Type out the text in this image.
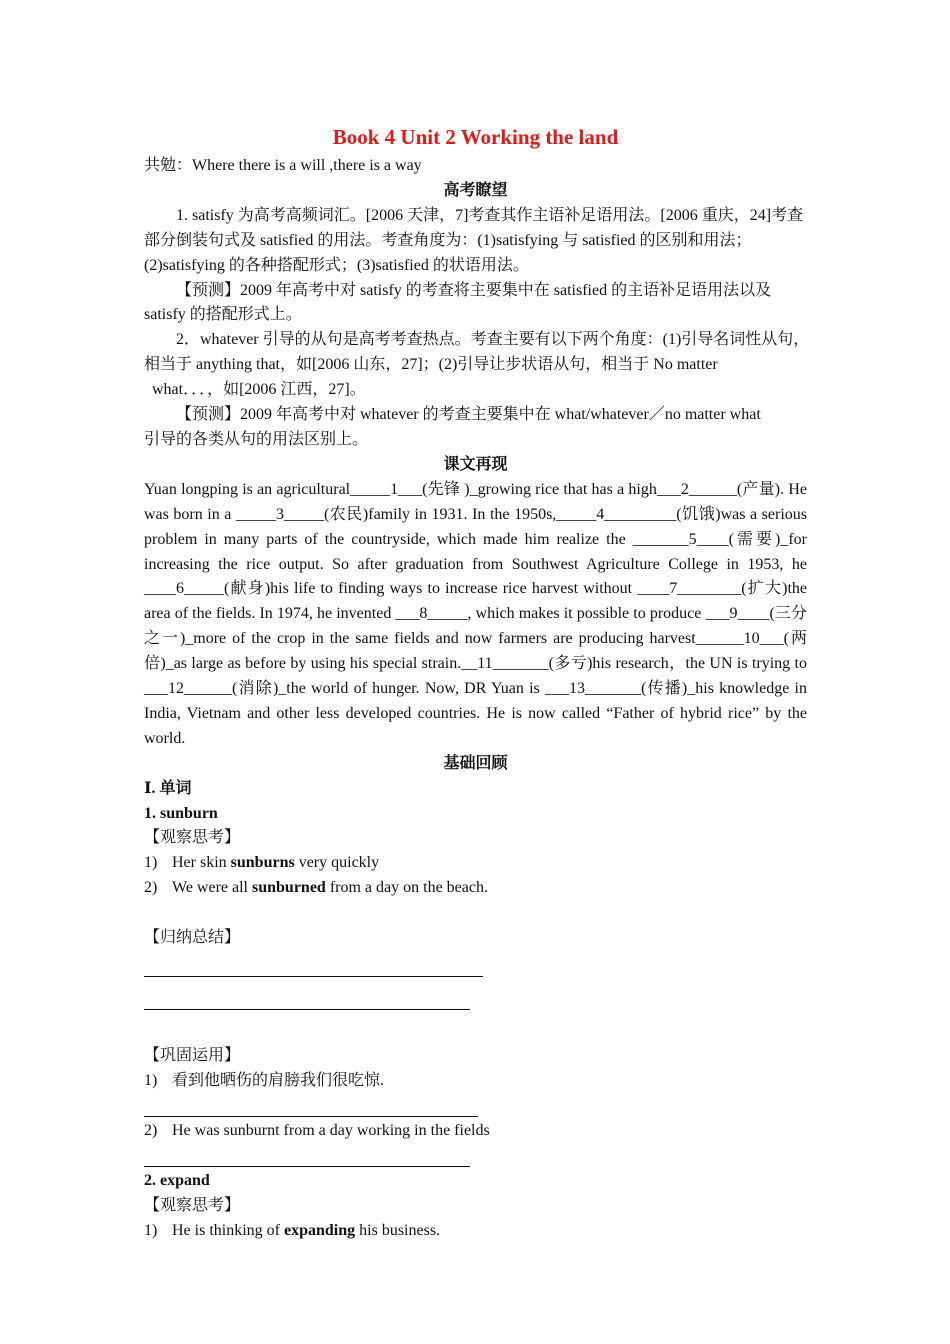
Book 4 Unit 2 Working the land

共勉：Where there is a will ,there is a way

高考瞭望

1. satisfy 为高考高频词汇。[2006 天津，7]考查其作主语补足语用法。[2006 重庆，24]考查部分倒装句式及 satisfied 的用法。考查角度为：(1)satisfying 与 satisfied 的区别和用法；(2)satisfying 的各种搭配形式；(3)satisfied 的状语用法。

【预测】2009 年高考中对 satisfy 的考查将主要集中在 satisfied 的主语补足语用法以及 satisfy 的搭配形式上。

2．whatever 引导的从句是高考考查热点。考查主要有以下两个角度：(1)引导名词性从句，相当于 anything that，如[2006 山东，27]；(2)引导让步状语从句，相当于 No matter

what．．．，如[2006 江西，27]。

【预测】2009 年高考中对 whatever 的考查主要集中在 what/whatever／no matter what

引导的各类从句的用法区别上。

课文再现

Yuan longping is an agricultural_____1___(先锋 )_growing rice that has a high___2______(产量). He was born in a _____3_____(农民)family in 1931. In the 1950s,_____4_________(饥饿)was a serious problem in many parts of the countryside, which made him realize the _______5____(需要)_for increasing the rice output. So after graduation from Southwest Agriculture College in 1953, he ____6_____(献身)his life to finding ways to increase rice harvest without ____7________(扩大)the area of the fields. In 1974, he invented ___8_____, which makes it possible to produce ___9____(三分之一)_more of the crop in the same fields and now farmers are producing harvest______10___(两倍)_as large as before by using his special strain.__11_______(多亏)his research，the UN is trying to ___12______(消除)_the world of hunger. Now, DR Yuan is ___13_______(传播)_his knowledge in India, Vietnam and other less developed countries. He is now called “Father of hybrid rice” by the world.

基础回顾
Ⅰ. 单词
1. sunburn
【观察思考】
1) Her skin sunburns very quickly
2) We were all sunburned from a day on the beach.
【归纳总结】
【巩固运用】
1) 看到他晒伤的肩膀我们很吃惊.
2) He was sunburnt from a day working in the fields
2. expand
【观察思考】
1) He is thinking of expanding his business.
